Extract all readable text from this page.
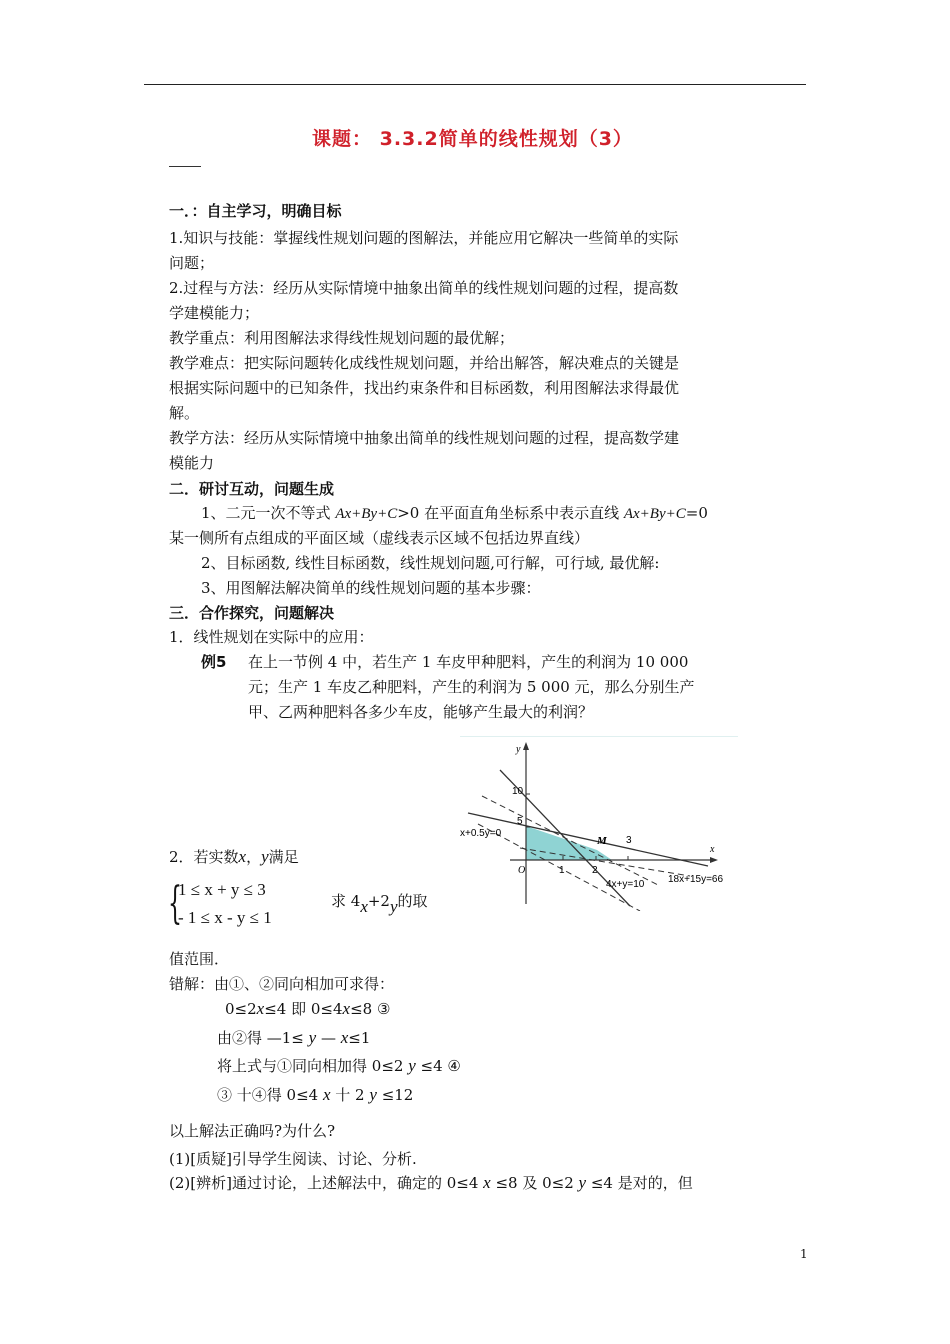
课题： 3.3.2简单的线性规划（3）
一．：自主学习，明确目标
1.知识与技能：掌握线性规划问题的图解法，并能应用它解决一些简单的实际
问题；
2.过程与方法：经历从实际情境中抽象出简单的线性规划问题的过程，提高数
学建模能力；
教学重点：利用图解法求得线性规划问题的最优解；
教学难点：把实际问题转化成线性规划问题，并给出解答，解决难点的关键是
根据实际问题中的已知条件，找出约束条件和目标函数，利用图解法求得最优
解。
教学方法：经历从实际情境中抽象出简单的线性规划问题的过程，提高数学建
模能力
二．研讨互动，问题生成
1、二元一次不等式 Ax+By+C>0 在平面直角坐标系中表示直线 Ax+By+C=0
某一侧所有点组成的平面区域（虚线表示区域不包括边界直线）
2、目标函数, 线性目标函数，线性规划问题,可行解，可行域, 最优解:
3、用图解法解决简单的线性规划问题的基本步骤：
三．合作探究，问题解决
1．线性规划在实际中的应用：
例5 在上一节例 4 中，若生产 1 车皮甲种肥料，产生的利润为 10 000
元；生产 1 车皮乙种肥料，产生的利润为 5 000 元，那么分别生产
甲、乙两种肥料各多少车皮，能够产生最大的利润？
y
x
10
5
1	2
3
O
M
x+0.5y=0
4x+y=10 18x+15y=66
2．若实数x，y满足
{
1 ≤ x + y ≤ 3
- 1 ≤ x - y ≤ 1
求 4x+2y的取
值范围．
错解：由①、②同向相加可求得：
0≤2x≤4 即 0≤4x≤8 ③
由②得 —1≤ y — x≤1
将上式与①同向相加得 0≤2 y ≤4 ④
③ 十④得 0≤4 x 十 2 y ≤12
以上解法正确吗?为什么?
(1)[质疑]引导学生阅读、讨论、分析.
(2)[辨析]通过讨论，上述解法中，确定的 0≤4 x ≤8 及 0≤2 y ≤4 是对的，但
1
